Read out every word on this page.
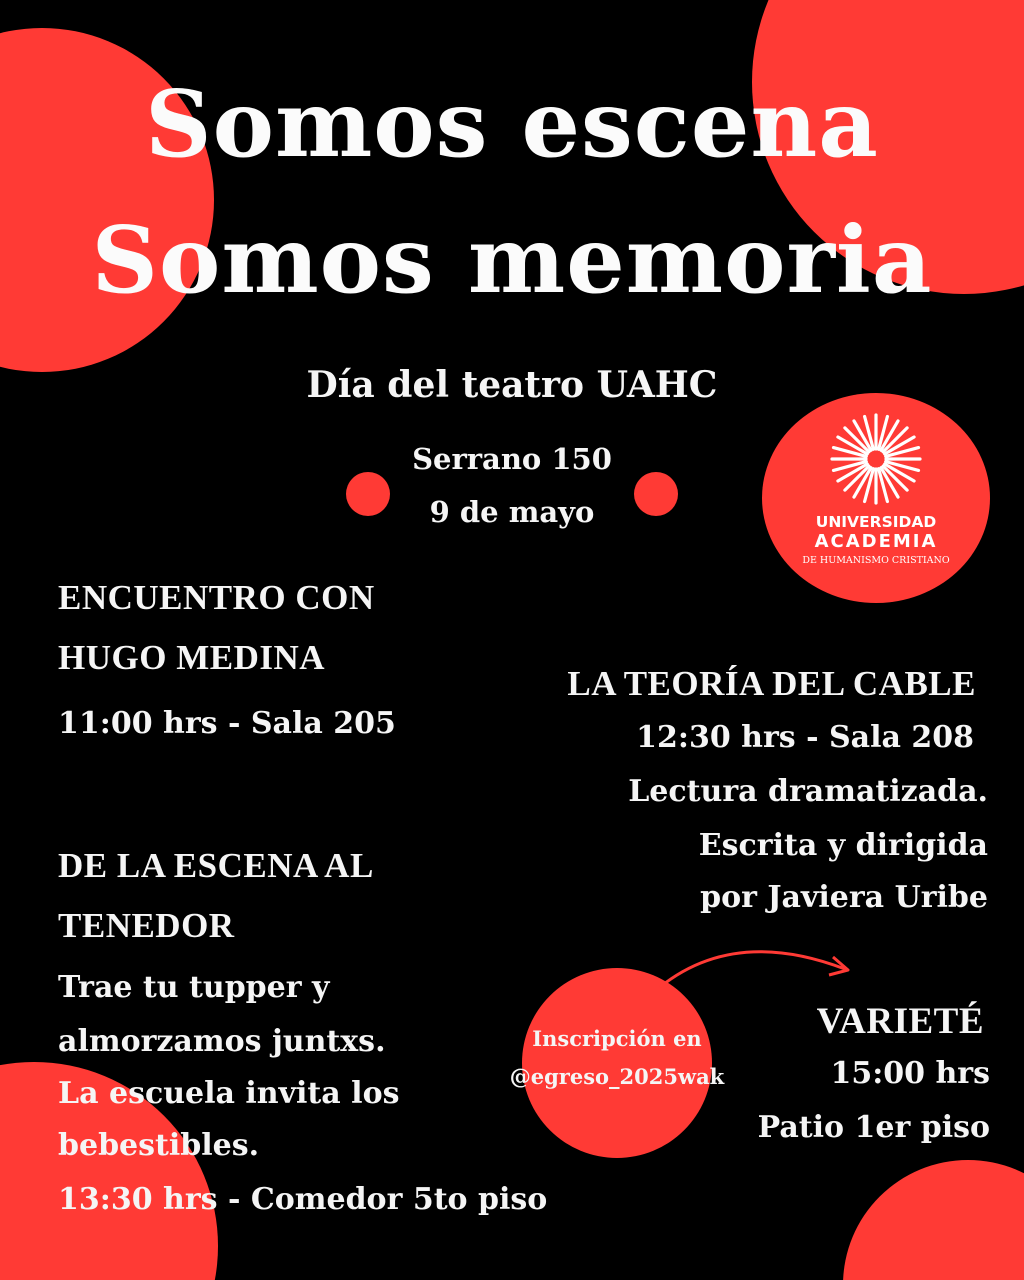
Somos escena
Somos memoria
Día del teatro UAHC
Serrano 150
9 de mayo	UNIVERSIDAD
ACADEMIA
DE HUMANISMO CRISTIANO
ENCUENTRO CON
HUGO MEDINA
11:00 hrs - Sala 205
LA TEORÍA DEL CABLE
12:30 hrs - Sala 208
Lectura dramatizada.
Escrita y dirigida
por Javiera Uribe
DE LA ESCENA AL
TENEDOR
Trae tu tupper y
almorzamos juntxs.
La escuela invita los
bebestibles.
13:30 hrs - Comedor 5to piso
Inscripción en
@egreso_2025wak
VARIETÉ
15:00 hrs
Patio 1er piso
